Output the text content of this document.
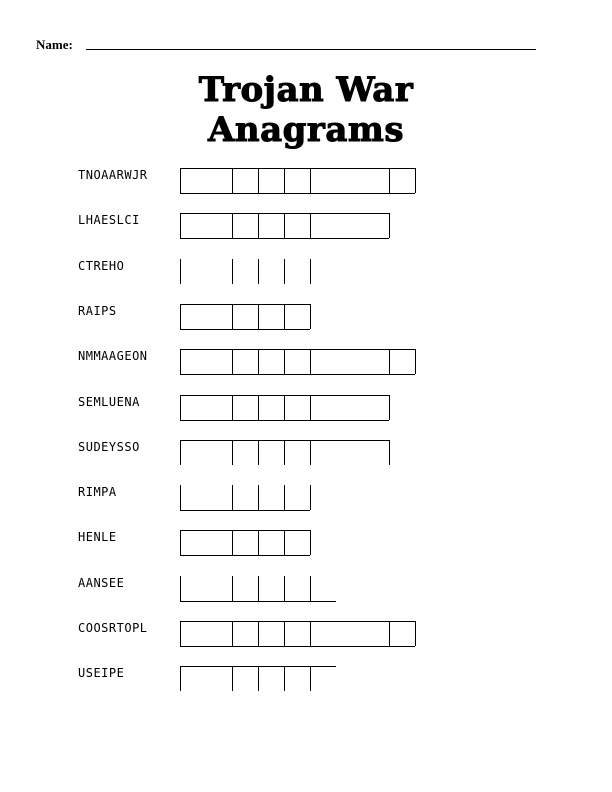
Name:
Trojan War
Anagrams
TNOAARWJR
LHAESLCI
CTREHO
RAIPS
NMMAAGEON
SEMLUENA
SUDEYSSO
RIMPA
HENLE
AANSEE
COOSRTOPL
USEIPE
